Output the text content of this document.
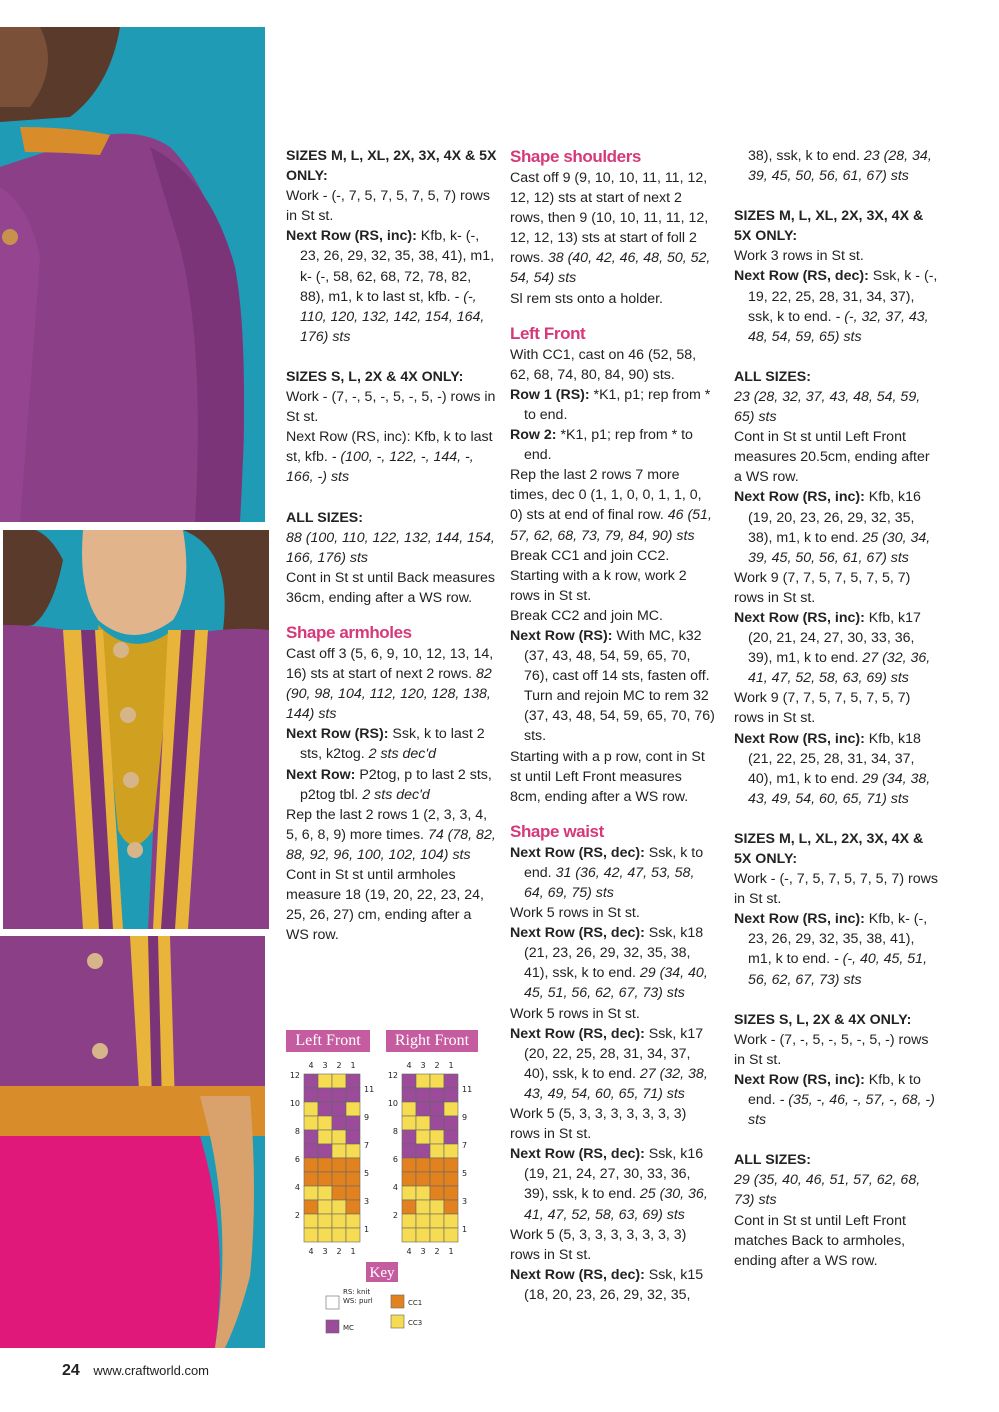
SIZES M, L, XL, 2X, 3X, 4X & 5X ONLY:

Work - (-, 7, 5, 7, 5, 7, 5, 7) rows in St st.

Next Row (RS, inc): Kfb, k- (-, 23, 26, 29, 32, 35, 38, 41), m1, k- (-, 58, 62, 68, 72, 78, 82, 88), m1, k to last st, kfb. - (-, 110, 120, 132, 142, 154, 164, 176) sts

SIZES S, L, 2X & 4X ONLY:

Work - (7, -, 5, -, 5, -, 5, -) rows in St st.

Next Row (RS, inc): Kfb, k to last st, kfb. - (100, -, 122, -, 144, -, 166, -) sts

ALL SIZES:

88 (100, 110, 122, 132, 144, 154, 166, 176) sts

Cont in St st until Back measures 36cm, ending after a WS row.

Shape armholes

Cast off 3 (5, 6, 9, 10, 12, 13, 14, 16) sts at start of next 2 rows. 82 (90, 98, 104, 112, 120, 128, 138, 144) sts

Next Row (RS): Ssk, k to last 2 sts, k2tog. 2 sts dec'd

Next Row: P2tog, p to last 2 sts, p2tog tbl. 2 sts dec'd

Rep the last 2 rows 1 (2, 3, 3, 4, 5, 6, 8, 9) more times. 74 (78, 82, 88, 92, 96, 100, 102, 104) sts

Cont in St st until armholes measure 18 (19, 20, 22, 23, 24, 25, 26, 27) cm, ending after a WS row.

Shape shoulders

Cast off 9 (9, 10, 10, 11, 11, 12, 12, 12) sts at start of next 2 rows, then 9 (10, 10, 11, 11, 12, 12, 12, 13) sts at start of foll 2 rows. 38 (40, 42, 46, 48, 50, 52, 54, 54) sts

Sl rem sts onto a holder.

Left Front

With CC1, cast on 46 (52, 58, 62, 68, 74, 80, 84, 90) sts.

Row 1 (RS): *K1, p1; rep from * to end.

Row 2: *K1, p1; rep from * to end.

Rep the last 2 rows 7 more times, dec 0 (1, 1, 0, 0, 1, 1, 0, 0) sts at end of final row. 46 (51, 57, 62, 68, 73, 79, 84, 90) sts

Break CC1 and join CC2. Starting with a k row, work 2 rows in St st.

Break CC2 and join MC.

Next Row (RS): With MC, k32 (37, 43, 48, 54, 59, 65, 70, 76), cast off 14 sts, fasten off. Turn and rejoin MC to rem 32 (37, 43, 48, 54, 59, 65, 70, 76) sts.

Starting with a p row, cont in St st until Left Front measures 8cm, ending after a WS row.

Shape waist

Next Row (RS, dec): Ssk, k to end. 31 (36, 42, 47, 53, 58, 64, 69, 75) sts

Work 5 rows in St st.

Next Row (RS, dec): Ssk, k18 (21, 23, 26, 29, 32, 35, 38, 41), ssk, k to end. 29 (34, 40, 45, 51, 56, 62, 67, 73) sts

Work 5 rows in St st.

Next Row (RS, dec): Ssk, k17 (20, 22, 25, 28, 31, 34, 37, 40), ssk, k to end. 27 (32, 38, 43, 49, 54, 60, 65, 71) sts

Work 5 (5, 3, 3, 3, 3, 3, 3, 3) rows in St st.

Next Row (RS, dec): Ssk, k16 (19, 21, 24, 27, 30, 33, 36, 39), ssk, k to end. 25 (30, 36, 41, 47, 52, 58, 63, 69) sts

Work 5 (5, 3, 3, 3, 3, 3, 3, 3) rows in St st.

Next Row (RS, dec): Ssk, k15 (18, 20, 23, 26, 29, 32, 35,

38), ssk, k to end. 23 (28, 34, 39, 45, 50, 56, 61, 67) sts

SIZES M, L, XL, 2X, 3X, 4X & 5X ONLY:

Work 3 rows in St st.

Next Row (RS, dec): Ssk, k - (-, 19, 22, 25, 28, 31, 34, 37), ssk, k to end. - (-, 32, 37, 43, 48, 54, 59, 65) sts

ALL SIZES:

23 (28, 32, 37, 43, 48, 54, 59, 65) sts

Cont in St st until Left Front measures 20.5cm, ending after a WS row.

Next Row (RS, inc): Kfb, k16 (19, 20, 23, 26, 29, 32, 35, 38), m1, k to end. 25 (30, 34, 39, 45, 50, 56, 61, 67) sts

Work 9 (7, 7, 5, 7, 5, 7, 5, 7) rows in St st.

Next Row (RS, inc): Kfb, k17 (20, 21, 24, 27, 30, 33, 36, 39), m1, k to end. 27 (32, 36, 41, 47, 52, 58, 63, 69) sts

Work 9 (7, 7, 5, 7, 5, 7, 5, 7) rows in St st.

Next Row (RS, inc): Kfb, k18 (21, 22, 25, 28, 31, 34, 37, 40), m1, k to end. 29 (34, 38, 43, 49, 54, 60, 65, 71) sts

SIZES M, L, XL, 2X, 3X, 4X & 5X ONLY:

Work - (-, 7, 5, 7, 5, 7, 5, 7) rows in St st.

Next Row (RS, inc): Kfb, k- (-, 23, 26, 29, 32, 35, 38, 41), m1, k to end. - (-, 40, 45, 51, 56, 62, 67, 73) sts

SIZES S, L, 2X & 4X ONLY:

Work - (7, -, 5, -, 5, -, 5, -) rows in St st.

Next Row (RS, inc): Kfb, k to end. - (35, -, 46, -, 57, -, 68, -) sts

ALL SIZES:

29 (35, 40, 46, 51, 57, 62, 68, 73) sts

Cont in St st until Left Front matches Back to armholes, ending after a WS row.

Left Front	Right Front
4
4
3
3
2
2
1
1
12
10
8
6
4
2
11
9
7
5
3
1
4
4
3
3
2
2
1
1
12
10
8
6
4
2
11
9
7
5
3
1
Key
RS: knit
WS: purl	CC1
MC
CC3
24 www.craftworld.com
